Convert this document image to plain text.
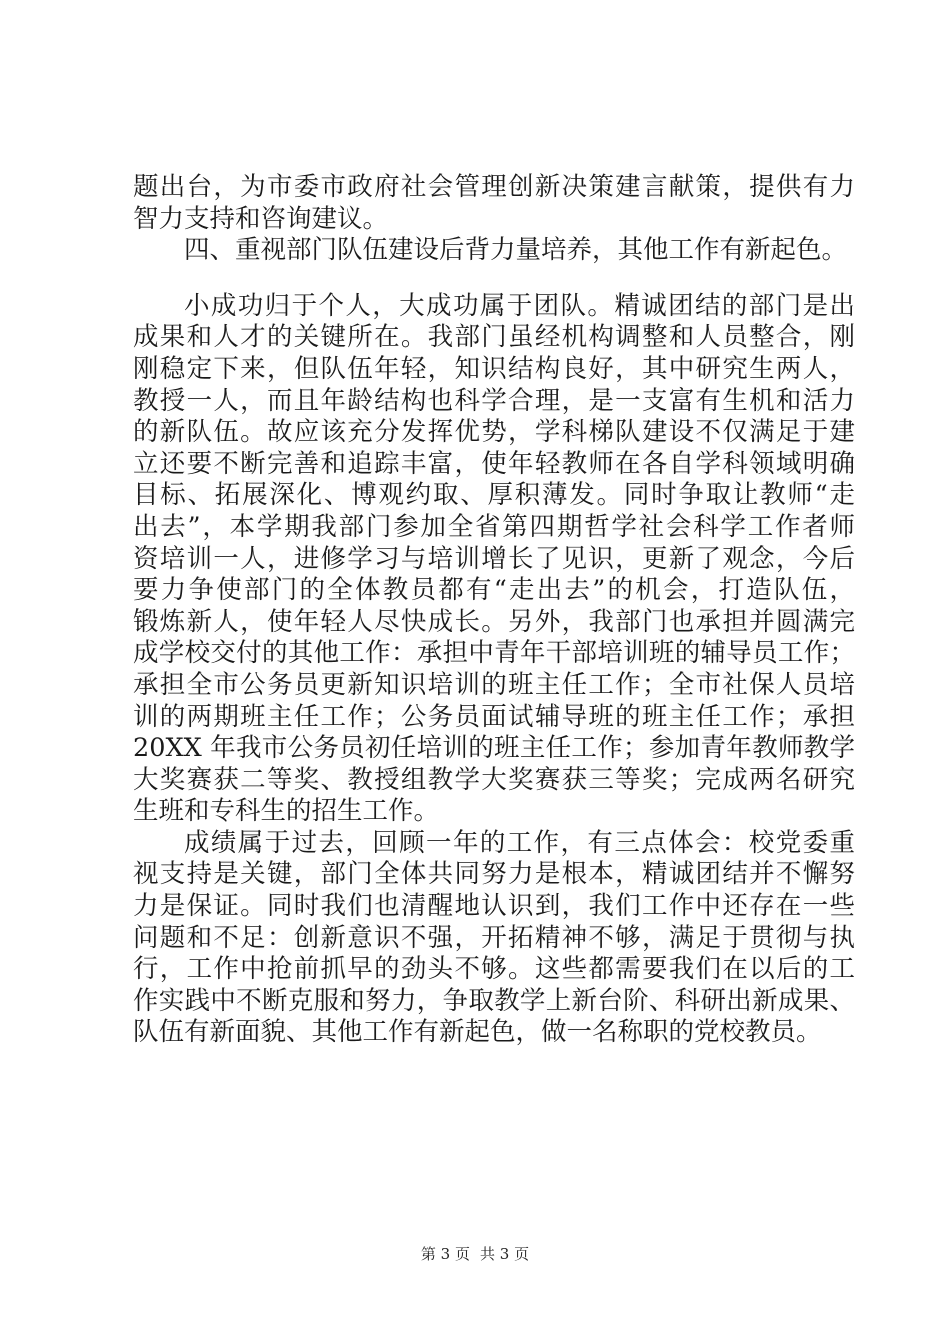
题出台，为市委市政府社会管理创新决策建言献策，提供有力
智力支持和咨询建议。
四、重视部门队伍建设后背力量培养，其他工作有新起色。
小成功归于个人，大成功属于团队。精诚团结的部门是出
成果和人才的关键所在。我部门虽经机构调整和人员整合，刚
刚稳定下来，但队伍年轻，知识结构良好，其中研究生两人，
教授一人，而且年龄结构也科学合理，是一支富有生机和活力
的新队伍。故应该充分发挥优势，学科梯队建设不仅满足于建
立还要不断完善和追踪丰富，使年轻教师在各自学科领域明确
目标、拓展深化、博观约取、厚积薄发。同时争取让教师“走
出去”，本学期我部门参加全省第四期哲学社会科学工作者师
资培训一人，进修学习与培训增长了见识，更新了观念，今后
要力争使部门的全体教员都有“走出去”的机会，打造队伍，
锻炼新人，使年轻人尽快成长。另外，我部门也承担并圆满完
成学校交付的其他工作：承担中青年干部培训班的辅导员工作；
承担全市公务员更新知识培训的班主任工作；全市社保人员培
训的两期班主任工作；公务员面试辅导班的班主任工作；承担
20XX 年我市公务员初任培训的班主任工作；参加青年教师教学
大奖赛获二等奖、教授组教学大奖赛获三等奖；完成两名研究
生班和专科生的招生工作。
成绩属于过去，回顾一年的工作，有三点体会：校党委重
视支持是关键，部门全体共同努力是根本，精诚团结并不懈努
力是保证。同时我们也清醒地认识到，我们工作中还存在一些
问题和不足：创新意识不强，开拓精神不够，满足于贯彻与执
行，工作中抢前抓早的劲头不够。这些都需要我们在以后的工
作实践中不断克服和努力，争取教学上新台阶、科研出新成果、
队伍有新面貌、其他工作有新起色，做一名称职的党校教员。
第 3 页 共 3 页
